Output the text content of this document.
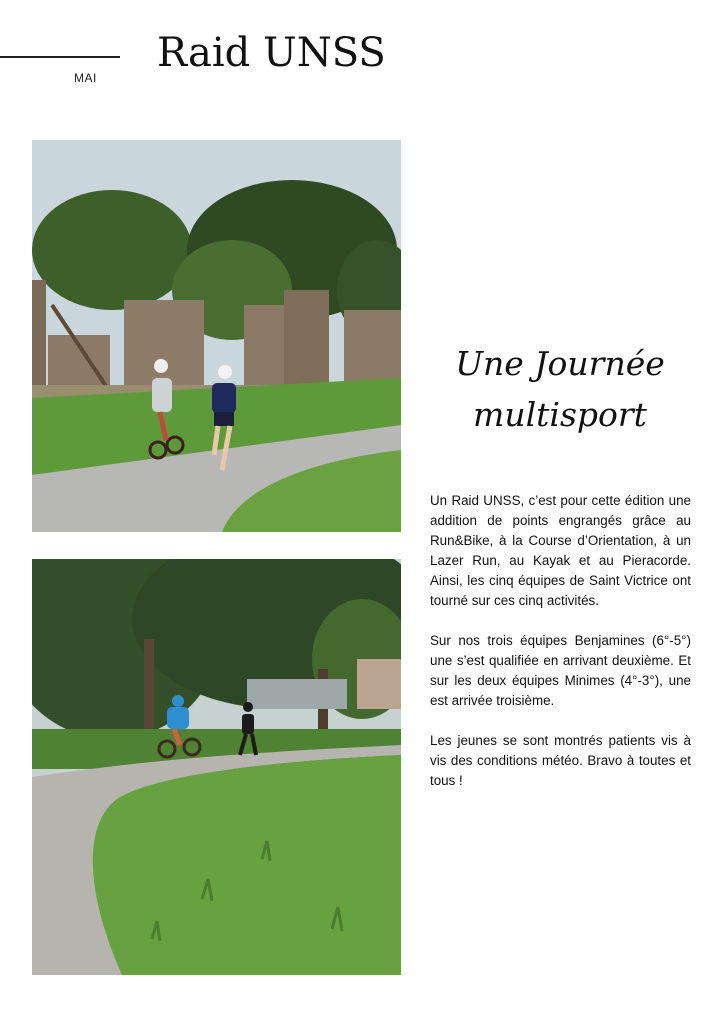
MAI
Raid UNSS
Une Journée
multisport

Un Raid UNSS, c’est pour cette édition une addition de points engrangés grâce au Run&Bike, à la Course d’Orientation, à un Lazer Run, au Kayak et au Pieracorde. Ainsi, les cinq équipes de Saint Victrice ont tourné sur ces cinq activités.

Sur nos trois équipes Benjamines (6°-5°) une s’est qualifiée en arrivant deuxième. Et sur les deux équipes Minimes (4°-3°), une est arrivée troisième.

Les jeunes se sont montrés patients vis à vis des conditions météo. Bravo à toutes et tous !
